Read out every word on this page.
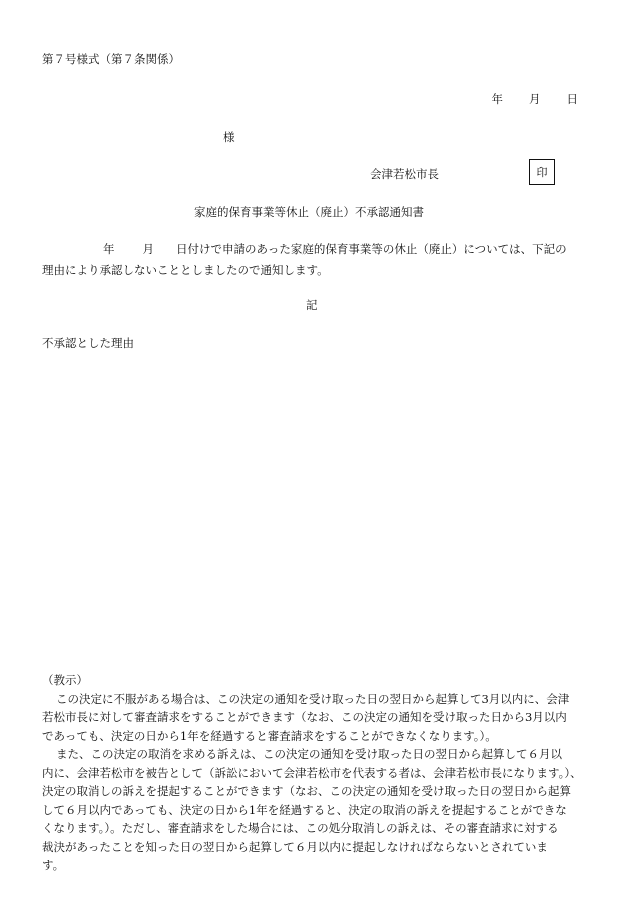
第７号様式（第７条関係）
年 月 日
様
会津若松市長	印
家庭的保育事業等休止（廃止）不承認通知書
年 月 日付けで申請のあった家庭的保育事業等の休止（廃止）については、下記の
理由により承認しないこととしましたので通知します。
記
不承認とした理由
（教示）
この決定に不服がある場合は、この決定の通知を受け取った日の翌日から起算して3月以内に、会津
若松市長に対して審査請求をすることができます（なお、この決定の通知を受け取った日から3月以内
であっても、決定の日から1年を経過すると審査請求をすることができなくなります。）。
また、この決定の取消を求める訴えは、この決定の通知を受け取った日の翌日から起算して６月以
内に、会津若松市を被告として（訴訟において会津若松市を代表する者は、会津若松市長になります。）、
決定の取消しの訴えを提起することができます（なお、この決定の通知を受け取った日の翌日から起算
して６月以内であっても、決定の日から1年を経過すると、決定の取消の訴えを提起することができな
くなります。）。ただし、審査請求をした場合には、この処分取消しの訴えは、その審査請求に対する
裁決があったことを知った日の翌日から起算して６月以内に提起しなければならないとされていま
す。
